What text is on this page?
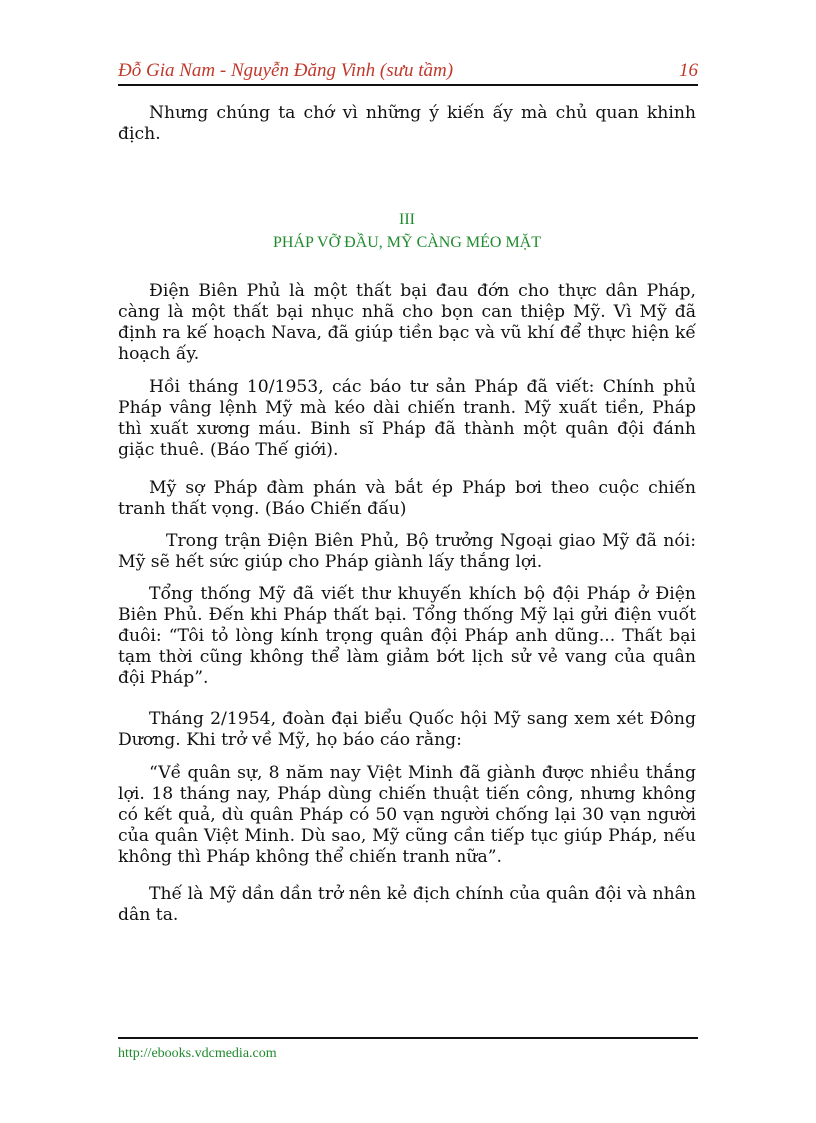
Đỗ Gia Nam - Nguyễn Đăng Vinh (sưu tầm)	16

Nhưng chúng ta chớ vì những ý kiến ấy mà chủ quan khinh địch.

III
PHÁP VỠ ĐẦU, MỸ CÀNG MÉO MẶT

Điện Biên Phủ là một thất bại đau đớn cho thực dân Pháp, càng là một thất bại nhục nhã cho bọn can thiệp Mỹ. Vì Mỹ đã định ra kế hoạch Nava, đã giúp tiền bạc và vũ khí để thực hiện kế hoạch ấy.

Hồi tháng 10/1953, các báo tư sản Pháp đã viết: Chính phủ Pháp vâng lệnh Mỹ mà kéo dài chiến tranh. Mỹ xuất tiền, Pháp thì xuất xương máu. Binh sĩ Pháp đã thành một quân đội đánh giặc thuê. (Báo Thế giới).

Mỹ sợ Pháp đàm phán và bắt ép Pháp bơi theo cuộc chiến tranh thất vọng. (Báo Chiến đấu)

Trong trận Điện Biên Phủ, Bộ trưởng Ngoại giao Mỹ đã nói: Mỹ sẽ hết sức giúp cho Pháp giành lấy thắng lợi.

Tổng thống Mỹ đã viết thư khuyến khích bộ đội Pháp ở Điện Biên Phủ. Đến khi Pháp thất bại. Tổng thống Mỹ lại gửi điện vuốt đuôi: “Tôi tỏ lòng kính trọng quân đội Pháp anh dũng... Thất bại tạm thời cũng không thể làm giảm bớt lịch sử vẻ vang của quân đội Pháp”.

Tháng 2/1954, đoàn đại biểu Quốc hội Mỹ sang xem xét Đông Dương. Khi trở về Mỹ, họ báo cáo rằng:

“Về quân sự, 8 năm nay Việt Minh đã giành được nhiều thắng lợi. 18 tháng nay, Pháp dùng chiến thuật tiến công, nhưng không có kết quả, dù quân Pháp có 50 vạn người chống lại 30 vạn người của quân Việt Minh. Dù sao, Mỹ cũng cần tiếp tục giúp Pháp, nếu không thì Pháp không thể chiến tranh nữa”.

Thế là Mỹ dần dần trở nên kẻ địch chính của quân đội và nhân dân ta.

http://ebooks.vdcmedia.com
